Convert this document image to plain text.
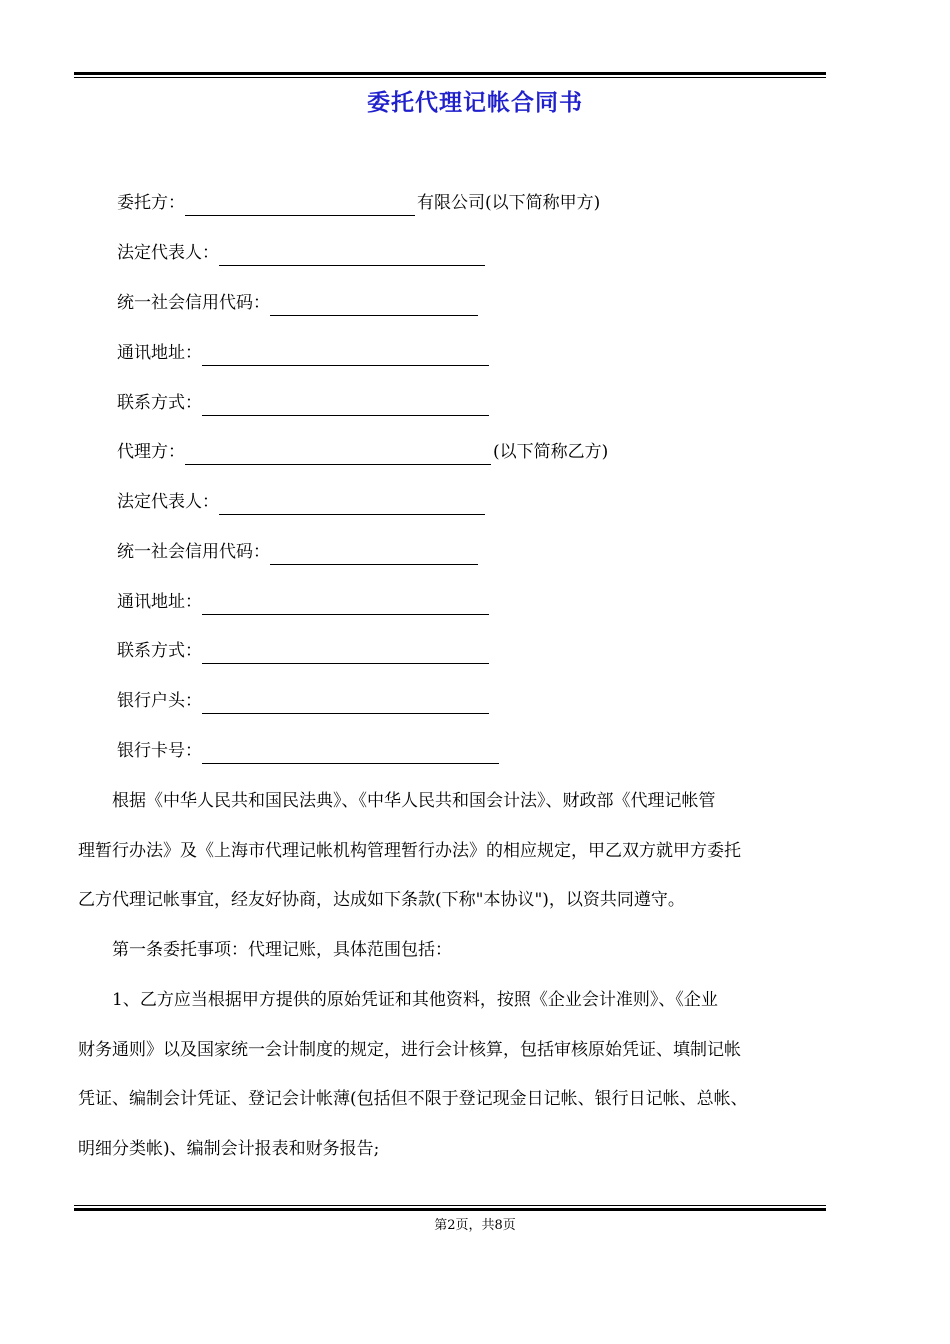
委托代理记帐合同书
委托方：	有限公司(以下简称甲方)
法定代表人：
统一社会信用代码：
通讯地址：
联系方式：
代理方：	(以下简称乙方)
法定代表人：
统一社会信用代码：
通讯地址：
联系方式：
银行户头：
银行卡号：
　　根据《中华人民共和国民法典》、《中华人民共和国会计法》、财政部《代理记帐管
理暂行办法》及《上海市代理记帐机构管理暂行办法》的相应规定，甲乙双方就甲方委托
乙方代理记帐事宜，经友好协商，达成如下条款(下称"本协议")，以资共同遵守。
　　第一条委托事项：代理记账，具体范围包括：
　　1、乙方应当根据甲方提供的原始凭证和其他资料，按照《企业会计准则》、《企业
财务通则》以及国家统一会计制度的规定，进行会计核算，包括审核原始凭证、填制记帐
凭证、编制会计凭证、登记会计帐薄(包括但不限于登记现金日记帐、银行日记帐、总帐、
明细分类帐)、编制会计报表和财务报告;
第2页，共8页
